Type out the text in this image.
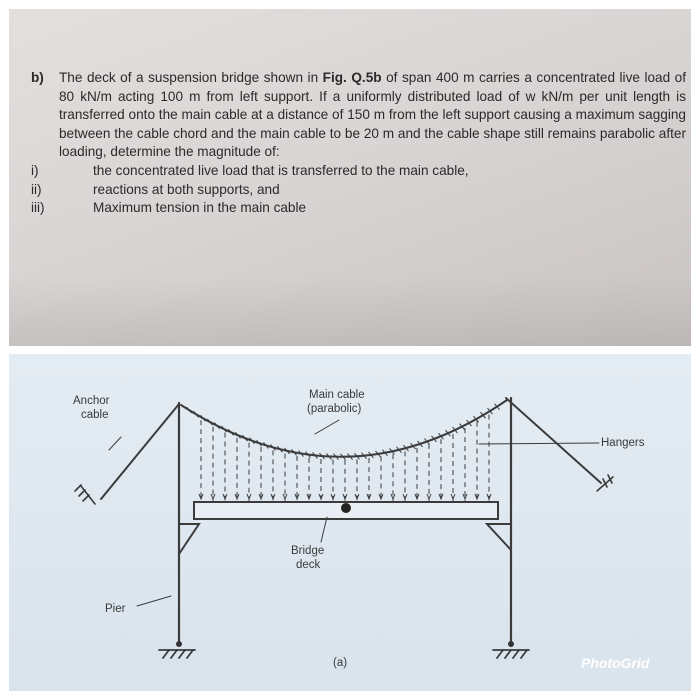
b)	The deck of a suspension bridge shown in Fig. Q.5b of span 400 m carries a concentrated live load of 80 kN/m acting 100 m from left support. If a uniformly distributed load of w kN/m per unit length is transferred onto the main cable at a distance of 150 m from the left support causing a maximum sagging between the cable chord and the main cable to be 20 m and the cable shape still remains parabolic after loading, determine the magnitude of:
i)	the concentrated live load that is transferred to the main cable,
ii)	reactions at both supports, and
iii)	Maximum tension in the main cable
Anchor
cable
Main cable
(parabolic)
Hangers
Bridge
deck
Pier
(a)	PhotoGrid
